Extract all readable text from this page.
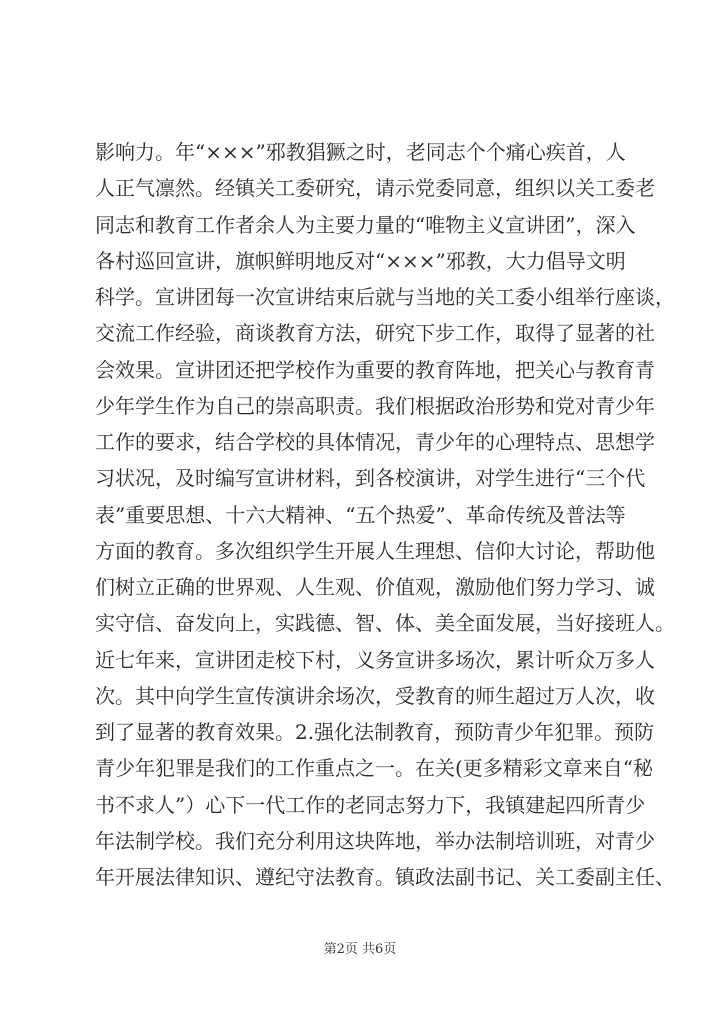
影响力。年“×××”邪教猖獗之时，老同志个个痛心疾首，人
人正气凛然。经镇关工委研究，请示党委同意，组织以关工委老
同志和教育工作者余人为主要力量的“唯物主义宣讲团”，深入
各村巡回宣讲，旗帜鲜明地反对“×××”邪教，大力倡导文明
科学。宣讲团每一次宣讲结束后就与当地的关工委小组举行座谈，
交流工作经验，商谈教育方法，研究下步工作，取得了显著的社
会效果。宣讲团还把学校作为重要的教育阵地，把关心与教育青
少年学生作为自己的崇高职责。我们根据政治形势和党对青少年
工作的要求，结合学校的具体情况，青少年的心理特点、思想学
习状况，及时编写宣讲材料，到各校演讲，对学生进行“三个代
表”重要思想、十六大精神、“五个热爱”、革命传统及普法等
方面的教育。多次组织学生开展人生理想、信仰大讨论，帮助他
们树立正确的世界观、人生观、价值观，激励他们努力学习、诚
实守信、奋发向上，实践德、智、体、美全面发展，当好接班人。
近七年来，宣讲团走校下村，义务宣讲多场次，累计听众万多人
次。其中向学生宣传演讲余场次，受教育的师生超过万人次，收
到了显著的教育效果。2.强化法制教育，预防青少年犯罪。预防
青少年犯罪是我们的工作重点之一。在关(更多精彩文章来自“秘
书不求人”）心下一代工作的老同志努力下，我镇建起四所青少
年法制学校。我们充分利用这块阵地，举办法制培训班，对青少
年开展法律知识、遵纪守法教育。镇政法副书记、关工委副主任、
第2页 共6页
